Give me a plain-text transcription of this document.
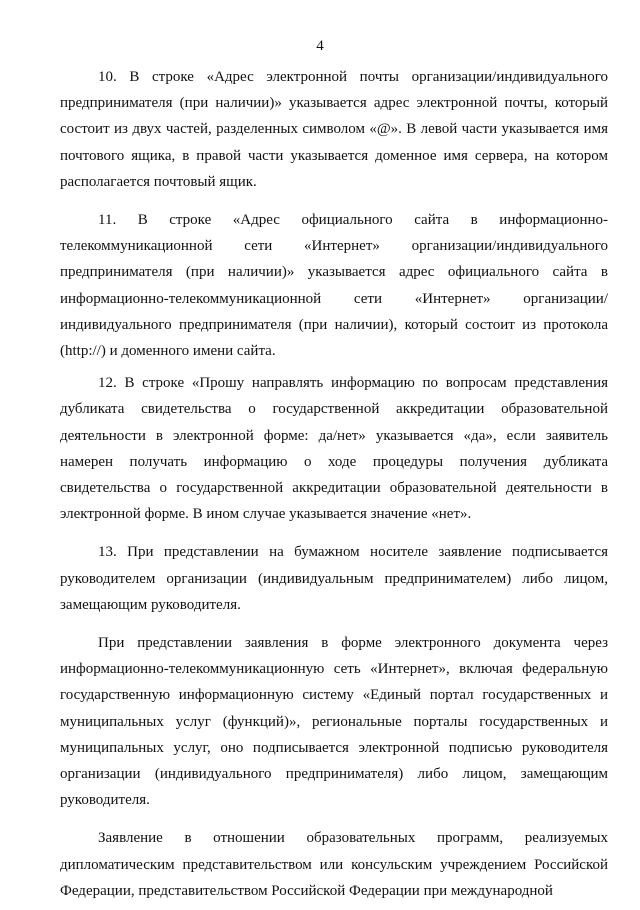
4

10. В строке «Адрес электронной почты организации/индивидуального предпринимателя (при наличии)» указывается адрес электронной почты, который состоит из двух частей, разделенных символом «@». В левой части указывается имя почтового ящика, в правой части указывается доменное имя сервера, на котором располагается почтовый ящик.

11. В строке «Адрес официального сайта в информационно-телекоммуникационной сети «Интернет» организации/индивидуального предпринимателя (при наличии)» указывается адрес официального сайта в информационно-телекоммуникационной сети «Интернет» организации/ индивидуального предпринимателя (при наличии), который состоит из протокола (http://) и доменного имени сайта.

12. В строке «Прошу направлять информацию по вопросам представления дубликата свидетельства о государственной аккредитации образовательной деятельности в электронной форме: да/нет» указывается «да», если заявитель намерен получать информацию о ходе процедуры получения дубликата свидетельства о государственной аккредитации образовательной деятельности в электронной форме. В ином случае указывается значение «нет».

13. При представлении на бумажном носителе заявление подписывается руководителем организации (индивидуальным предпринимателем) либо лицом, замещающим руководителя.

При представлении заявления в форме электронного документа через информационно-телекоммуникационную сеть «Интернет», включая федеральную государственную информационную систему «Единый портал государственных и муниципальных услуг (функций)», региональные порталы государственных и муниципальных услуг, оно подписывается электронной подписью руководителя организации (индивидуального предпринимателя) либо лицом, замещающим руководителя.

Заявление в отношении образовательных программ, реализуемых дипломатическим представительством или консульским учреждением Российской Федерации, представительством Российской Федерации при международной
